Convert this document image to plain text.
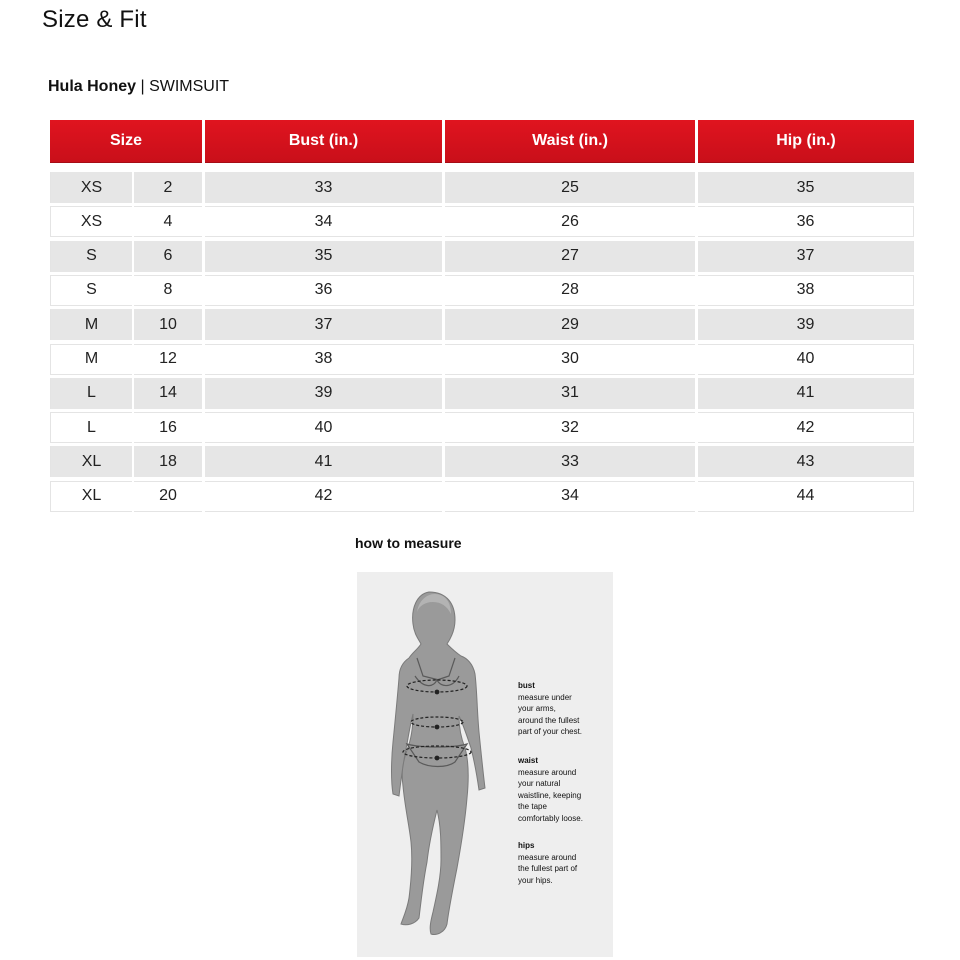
Size & Fit
Hula Honey | SWIMSUIT
Size	Bust (in.)	Waist (in.)	Hip (in.)
XS	2	33	25	35
XS	4	34	26	36
S	6	35	27	37
S	8	36	28	38
M	10	37	29	39
M	12	38	30	40
L	14	39	31	41
L	16	40	32	42
XL	18	41	33	43
XL	20	42	34	44
how to measure
bust
measure under
your arms,
around the fullest
part of your chest.
waist
measure around
your natural
waistline, keeping
the tape
comfortably loose.
hips
measure around
the fullest part of
your hips.
